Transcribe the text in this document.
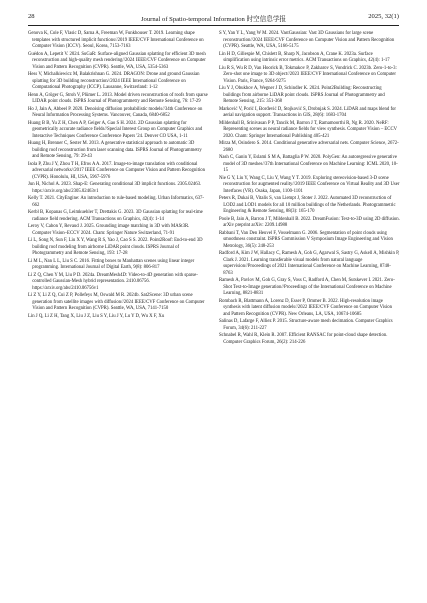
28	Journal of Spatio-temporal Information 时空信息学报	2025, 32(1)

Genova K, Cole F, Vlasic D, Sarna A, Freeman W, Funkhouser T. 2019. Learning shape templates with structured implicit functions//2019 IEEE/CVF International Conference on Computer Vision (ICCV). Seoul, Korea, 7153-7163

Guédon A, Lepetit V. 2024. SuGaR: Surface-aligned Gaussian splatting for efficient 3D mesh reconstruction and high-quality mesh rendering//2024 IEEE/CVF Conference on Computer Vision and Pattern Recognition (CVPR). Seattle, WA, USA, 5354-5363

Hess V, Michalkiewicz M, Balakrishnan G. 2024. DRAGON: Drone and ground Gaussian splatting for 3D building reconstruction//2024 IEEE International Conference on Computational Photography (ICCP). Lausanne, Switzerland: 1-12

Henn A, Gröger G, Stroh V, Plümer L. 2013. Model driven reconstruction of roofs from sparse LIDAR point clouds. ISPRS Journal of Photogrammetry and Remote Sensing, 76: 17-29

Ho J, Jain A, Abbeel P. 2020. Denoising diffusion probabilistic models//34th Conference on Neural Information Processing Systems. Vancouver, Canada, 6840-6852

Huang B B, Yu Z H, Chen A P, Geiger A, Gao S H. 2024. 2D Gaussian splatting for geometrically accurate radiance fields//Special Interest Group on Computer Graphics and Interactive Techniques Conference Conference Papers '24. Denver CO USA, 1-11

Huang H, Brenner C, Sester M. 2013. A generative statistical approach to automatic 3D building roof reconstruction from laser scanning data. ISPRS Journal of Photogrammetry and Remote Sensing, 79: 29-43

Isola P, Zhu J Y, Zhou T H, Efros A A. 2017. Image-to-image translation with conditional adversarial networks//2017 IEEE Conference on Computer Vision and Pattern Recognition (CVPR). Honolulu, HI, USA, 5967-5976

Jun H, Nichol A. 2023. Shap-E: Generating conditional 3D implicit functions. 2305.02463. https://arxiv.org/abs/2305.02463v1

Kelly T. 2021. CityEngine: An introduction to rule-based modeling. Urban Informatics, 637-662

Kerbl B, Kopanas G, Leimkuehler T, Drettakis G. 2023. 3D Gaussian splatting for real-time radiance field rendering. ACM Transactions on Graphics, 42(4): 1-14

Leroy V, Cabon Y, Revaud J. 2025. Grounding image matching in 3D with MASt3R. Computer Vision–ECCV 2024. Cham: Springer Nature Switzerland, 71-91

Li L, Song N, Sun F, Liu X Y, Wang R S, Yao J, Cao S S. 2022. Point2Roof: End-to-end 3D building roof modeling from airborne LiDAR point clouds. ISPRS Journal of Photogrammetry and Remote Sensing, 193: 17-28

Li M L, Nan L L, Liu S C. 2016. Fitting boxes to Manhattan scenes using linear integer programming. International Journal of Digital Earth, 9(8): 806-817

Li Z Q, Chen Y M, Liu P D. 2024a. DreamMesh4D: Video-to-4D generation with sparse-controlled Gaussian-Mesh hybrid representation. 2410.06756. https://arxiv.org/abs/2410.06756v1

Li Z Y, Li Z Q, Cui Z P, Pollefeys M, Oswald M R. 2024b. Sat2Scene: 3D urban scene generation from satellite images with diffusion//2024 IEEE/CVF Conference on Computer Vision and Pattern Recognition (CVPR). Seattle, WA, USA, 7141-7150

Lin J Q, Li Z H, Tang X, Liu J Z, Liu S Y, Liu J Y, Lu Y D, Wu X F, Xu

S Y, Yan Y L, Yang W M. 2024. VastGaussian: Vast 3D Gaussians for large scene reconstruction//2024 IEEE/CVF Conference on Computer Vision and Pattern Recognition (CVPR). Seattle, WA, USA, 5166-5175

Lin H D, Gillespie M, Chislett B, Sharp N, Jacobson A, Crane K. 2023a. Surface simplification using intrinsic error metrics. ACM Transactions on Graphics, 42(4): 1-17

Liu R S, Wu R D, Van Hoorick B, Tokmakov P, Zakharov S, Vondrick C. 2023b. Zero-1-to-3: Zero-shot one image to 3D object//2023 IEEE/CVF International Conference on Computer Vision. Paris, France, 9264-9275

Liu Y J, Obukhov A, Wegner J D, Schindler K. 2024. Point2Building: Reconstructing buildings from airborne LiDAR point clouds. ISPRS Journal of Photogrammetry and Remote Sensing, 215: 351-368

Marković V, Porić I, Đorđević D, Stojković S, Drobnjak S. 2024. LiDAR and maps blend for aerial navigation support. Transactions in GIS, 28(6): 1683-1704

Mildenhall B, Srinivasan P P, Tancik M, Barron J T, Ramamoorthi R, Ng R. 2020. NeRF: Representing scenes as neural radiance fields for view synthesis. Computer Vision – ECCV 2020. Cham: Springer International Publishing 405-421

Mirza M, Osindero S. 2014. Conditional generative adversarial nets. Computer Science, 2672-2680

Nash C, Ganin Y, Eslami S M A, Battaglia P W. 2020. PolyGen: An autoregressive generative model of 3D meshes//37th International Conference on Machine Learning: ICML 2020, 10-15

Nie G Y, Liu Y, Wang C, Liu Y, Wang Y T. 2019. Exploring stereovision-based 3-D scene reconstruction for augmented reality//2019 IEEE Conference on Virtual Reality and 3D User Interfaces (VR). Osaka, Japan, 1100-1101

Peters R, Dukai B, Vitalis S, van Liempt J, Stoter J. 2022. Automated 3D reconstruction of LOD2 and LOD1 models for all 10 million buildings of the Netherlands. Photogrammetric Engineering & Remote Sensing, 88(3): 165-170

Poole B, Jain A, Barron J T, Mildenhall B. 2022. DreamFusion: Text-to-3D using 2D diffusion. arXiv preprint arXiv: 2209.14988

Rabbani T, Van Den Heuvel F, Vosselmann G. 2006. Segmentation of point clouds using smoothness constraint. ISPRS Commission V Symposium Image Engineering and Vision Metrology, 36(5): 248-253

Radford A, Kim J W, Hallacy C, Ramesh A, Goh G, Agarwal S, Sastry G, Askell A, Mishkin P, Clark J. 2021. Learning transferable visual models from natural language supervision//Proceedings of 2021 International Conference on Machine Learning, 8748-8763

Ramesh A, Pavlov M, Goh G, Gray S, Voss C, Radford A, Chen M, Sutskever I. 2021. Zero-Shot Text-to-Image generation//Proceedings of the International Conference on Machine Learning, 8821-8831

Rombach R, Blattmann A, Lorenz D, Esser P, Ommer B. 2022. High-resolution image synthesis with latent diffusion models//2022 IEEE/CVF Conference on Computer Vision and Pattern Recognition (CVPR). New Orleans, LA, USA, 10674-10685

Salinas D, Lafarge F, Alliez P. 2015. Structure-aware mesh decimation. Computer Graphics Forum, 34(6): 211-227

Schnabel R, Wahl R, Klein R. 2007. Efficient RANSAC for point-cloud shape detection. Computer Graphics Forum, 26(2): 214-226
